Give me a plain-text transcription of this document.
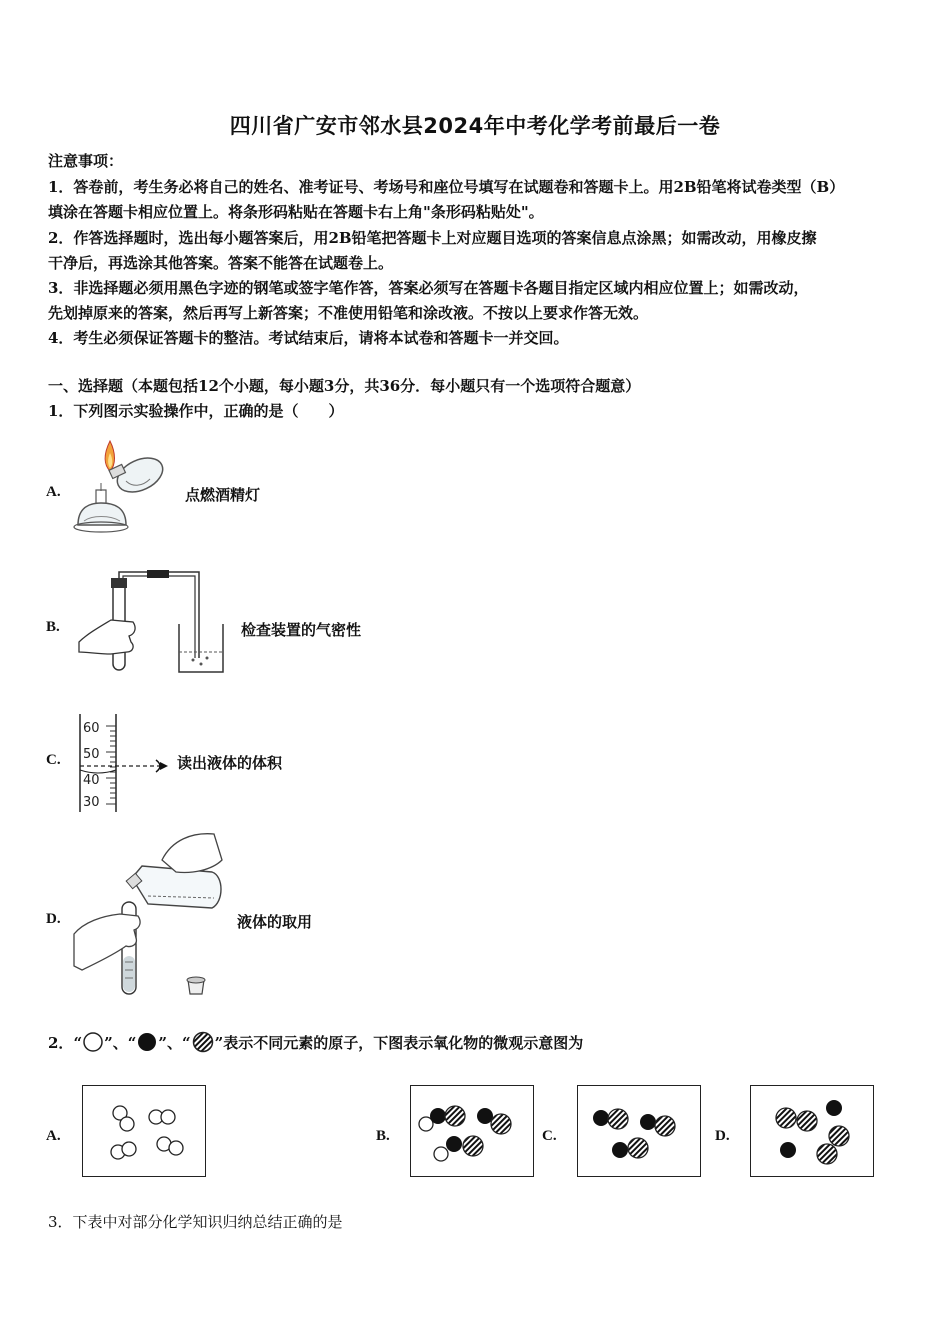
四川省广安市邻水县2024年中考化学考前最后一卷
注意事项：
1．答卷前，考生务必将自己的姓名、准考证号、考场号和座位号填写在试题卷和答题卡上。用2B铅笔将试卷类型（B）
填涂在答题卡相应位置上。将条形码粘贴在答题卡右上角"条形码粘贴处"。
2．作答选择题时，选出每小题答案后，用2B铅笔把答题卡上对应题目选项的答案信息点涂黑；如需改动，用橡皮擦
干净后，再选涂其他答案。答案不能答在试题卷上。
3．非选择题必须用黑色字迹的钢笔或签字笔作答，答案必须写在答题卡各题目指定区域内相应位置上；如需改动，
先划掉原来的答案，然后再写上新答案；不准使用铅笔和涂改液。不按以上要求作答无效。
4．考生必须保证答题卡的整洁。考试结束后，请将本试卷和答题卡一并交回。
一、选择题（本题包括12个小题，每小题3分，共36分．每小题只有一个选项符合题意）
1．下列图示实验操作中，正确的是（　　）
A.	点燃酒精灯
B.	检查装置的气密性
C.
60
50
40
30
读出液体的体积
D.	液体的取用
2． “ ”、“ ”、“ ”表示不同元素的原子，下图表示氧化物的微观示意图为
A.	B.	C.	D.
3．下表中对部分化学知识归纳总结正确的是
